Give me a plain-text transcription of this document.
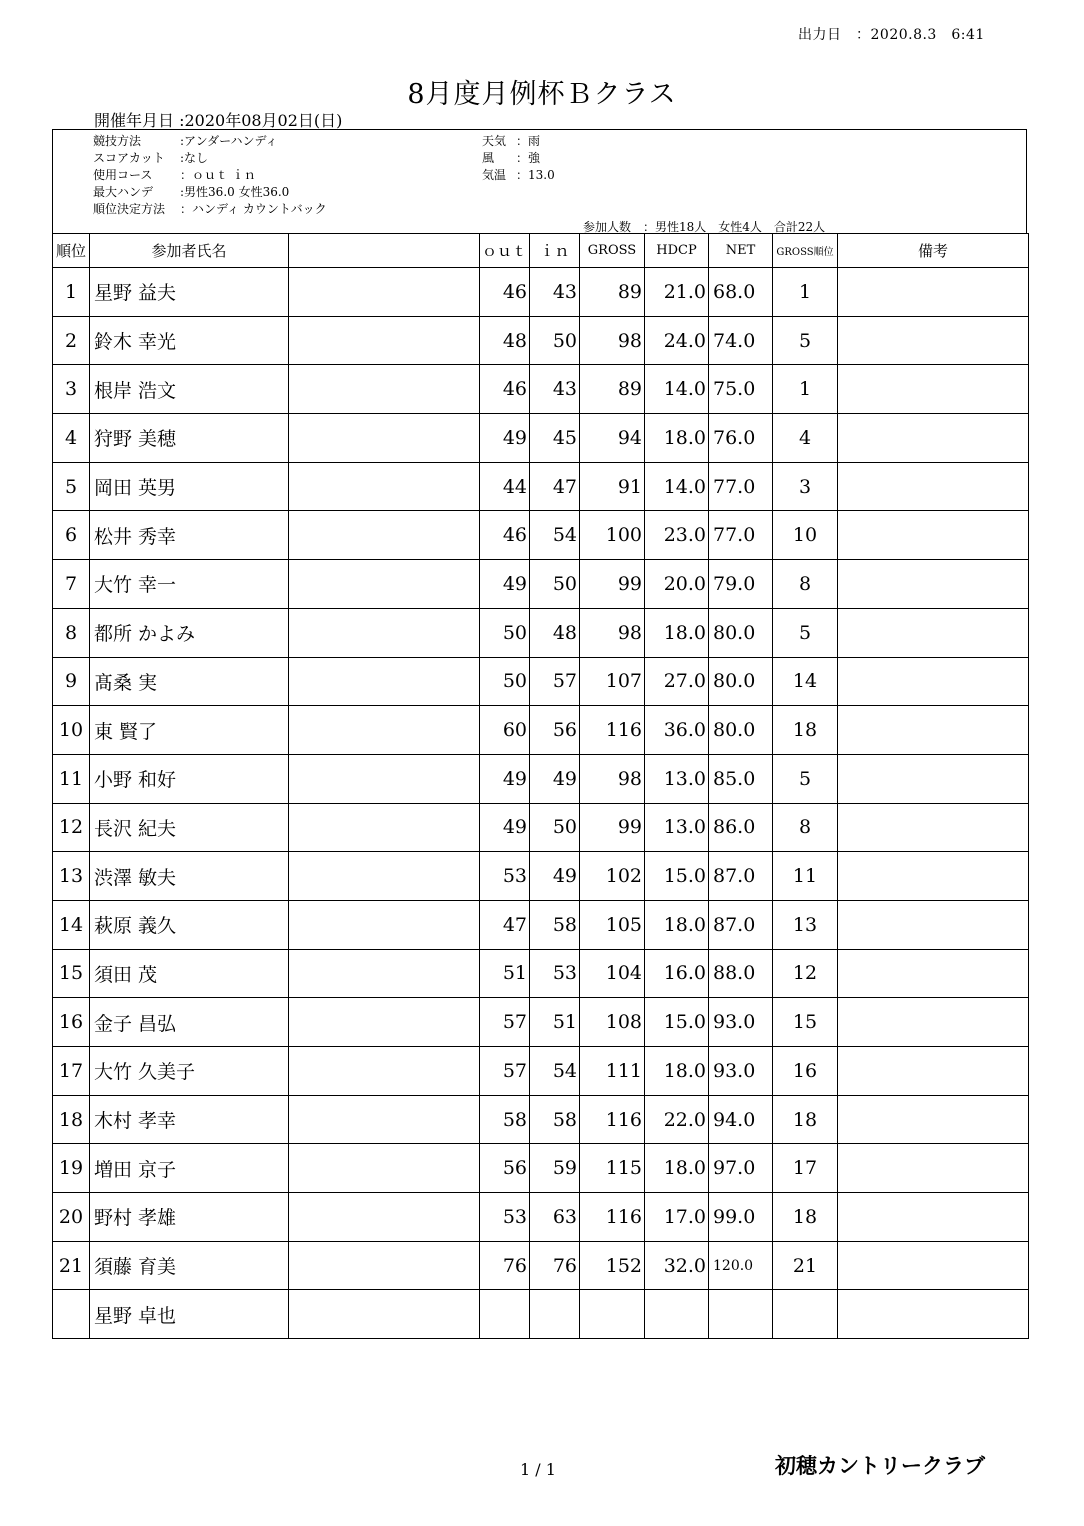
出力日　：2020.8.3　6:41
8月度月例杯Ｂクラス
開催年月日 :2020年08月02日(日)
競技方法	:アンダーハンディ
スコアカット :なし
使用コース ：ｏｕｔ ｉｎ
最大ハンデ :男性36.0 女性36.0
順位決定方法 ：ハンディ カウントバック
天気 ：雨
風 ：強
気温 ：13.0
参加人数　：男性18人　女性4人　合計22人
順位	参加者氏名		ｏｕｔ	ｉｎ	GROSS	HDCP	NET	GROSS順位	備考
1	星野 益夫		46	43	89	21.0	68.0	1	
2	鈴木 幸光		48	50	98	24.0	74.0	5	
3	根岸 浩文		46	43	89	14.0	75.0	1	
4	狩野 美穂		49	45	94	18.0	76.0	4	
5	岡田 英男		44	47	91	14.0	77.0	3	
6	松井 秀幸		46	54	100	23.0	77.0	10	
7	大竹 幸一		49	50	99	20.0	79.0	8	
8	都所 かよみ		50	48	98	18.0	80.0	5	
9	髙桑 実		50	57	107	27.0	80.0	14	
10	東 賢了		60	56	116	36.0	80.0	18	
11	小野 和好		49	49	98	13.0	85.0	5	
12	長沢 紀夫		49	50	99	13.0	86.0	8	
13	渋澤 敏夫		53	49	102	15.0	87.0	11	
14	萩原 義久		47	58	105	18.0	87.0	13	
15	須田 茂		51	53	104	16.0	88.0	12	
16	金子 昌弘		57	51	108	15.0	93.0	15	
17	大竹 久美子		57	54	111	18.0	93.0	16	
18	木村 孝幸		58	58	116	22.0	94.0	18	
19	増田 京子		56	59	115	18.0	97.0	17	
20	野村 孝雄		53	63	116	17.0	99.0	18	
21	須藤 育美		76	76	152	32.0	120.0	21	
	星野 卓也								
1 / 1	初穂カントリークラブ
